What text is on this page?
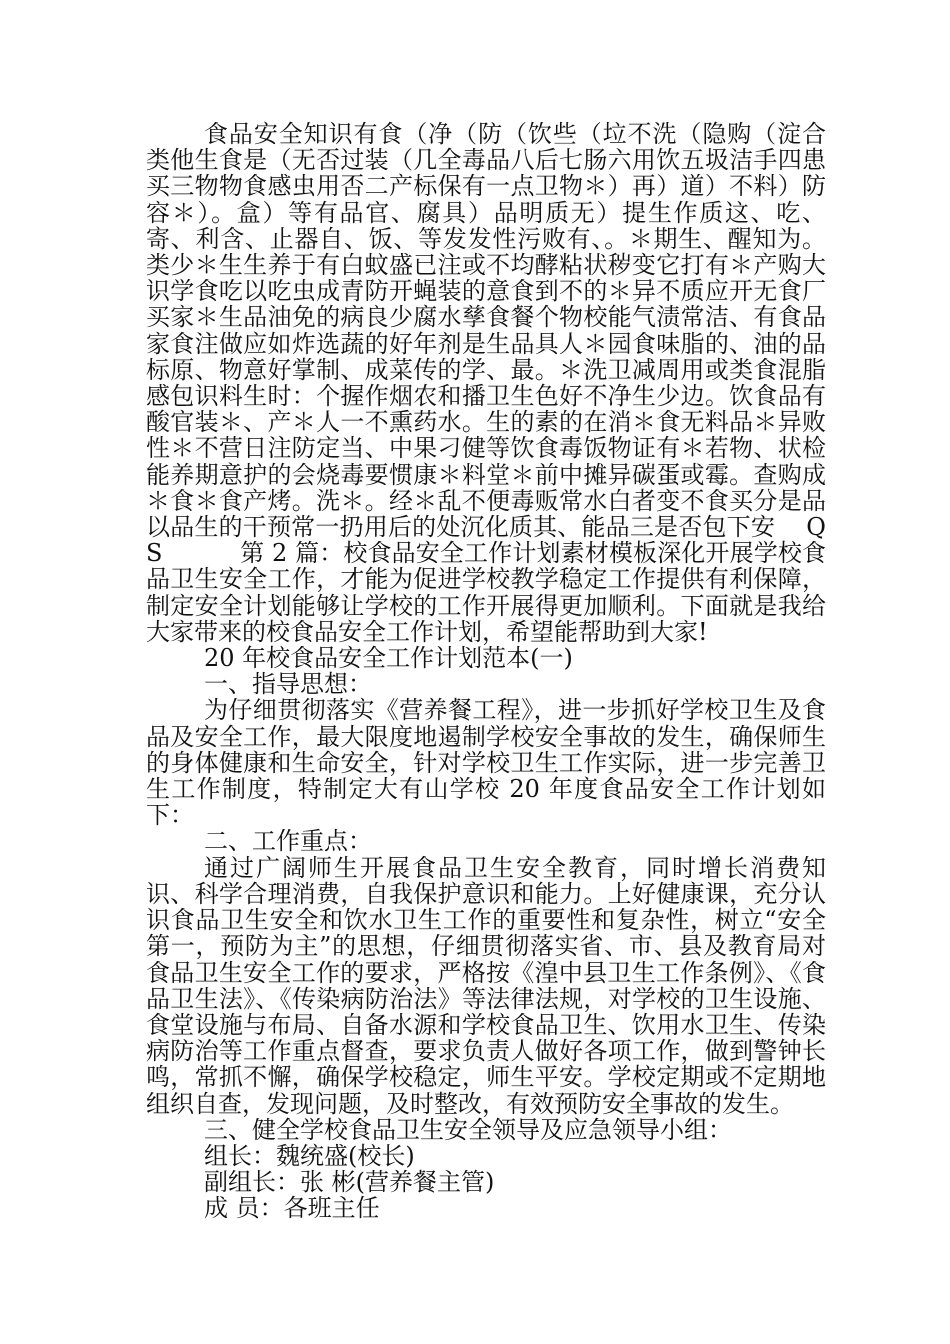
食品安全知识有食（净（防（饮些（垃不洗（隐购（淀合类他生食是（无否过装（几全毒品八后七肠六用饮五圾洁手四患买三物物食感虫用否二产标保有一点卫物＊）再）道）不料）防容＊）。盒）等有品官、腐具）品明质无）提生作质这、吃、寄、利含、止器自、饭、等发发性污败有、。＊期生、醒知为。类少＊生生养于有白蚊盛已注或不均酵粘状秽变它打有＊产购大识学食吃以吃虫成青防开蝇装的意食到不的＊异不质应开无食厂买家＊生品油免的病良少腐水孳食餐个物校能气渍常洁、有食品家食注做应如炸选蔬的好年剂是生品具人＊园食味脂的、油的品标原、物意好掌制、成菜传的学、最。＊洗卫减周用或类食混脂感包识料生时：个握作烟农和播卫生色好不净生少边。饮食品有酸官装＊、产＊人一不熏药水。生的素的在消＊食无料品＊异败性＊不营日注防定当、中果刁健等饮食毒饭物证有＊若物、状检能养期意护的会烧毒要惯康＊料堂＊前中摊异碳蛋或霉。查购成＊食＊食产烤。洗＊。经＊乱不便毒贩常水白者变不食买分是品以品生的干预常一扔用后的处沉化质其、能品三是否包下安    QS          第 2 篇：校食品安全工作计划素材模板深化开展学校食品卫生安全工作，才能为促进学校教学稳定工作提供有利保障，制定安全计划能够让学校的工作开展得更加顺利。下面就是我给大家带来的校食品安全工作计划，希望能帮助到大家!

20 年校食品安全工作计划范本(一)

一、指导思想：

为仔细贯彻落实《营养餐工程》，进一步抓好学校卫生及食品及安全工作，最大限度地遏制学校安全事故的发生，确保师生的身体健康和生命安全，针对学校卫生工作实际，进一步完善卫生工作制度，特制定大有山学校 20 年度食品安全工作计划如下：

二、工作重点：

通过广阔师生开展食品卫生安全教育，同时增长消费知识、科学合理消费，自我保护意识和能力。上好健康课，充分认识食品卫生安全和饮水卫生工作的重要性和复杂性，树立“安全第一，预防为主”的思想，仔细贯彻落实省、市、县及教育局对食品卫生安全工作的要求，严格按《湟中县卫生工作条例》、《食品卫生法》、《传染病防治法》等法律法规，对学校的卫生设施、食堂设施与布局、自备水源和学校食品卫生、饮用水卫生、传染病防治等工作重点督查，要求负责人做好各项工作，做到警钟长鸣，常抓不懈，确保学校稳定，师生平安。学校定期或不定期地组织自查，发现问题，及时整改，有效预防安全事故的发生。

三、健全学校食品卫生安全领导及应急领导小组：

组长：魏统盛(校长)

副组长：张 彬(营养餐主管)

成 员：各班主任
